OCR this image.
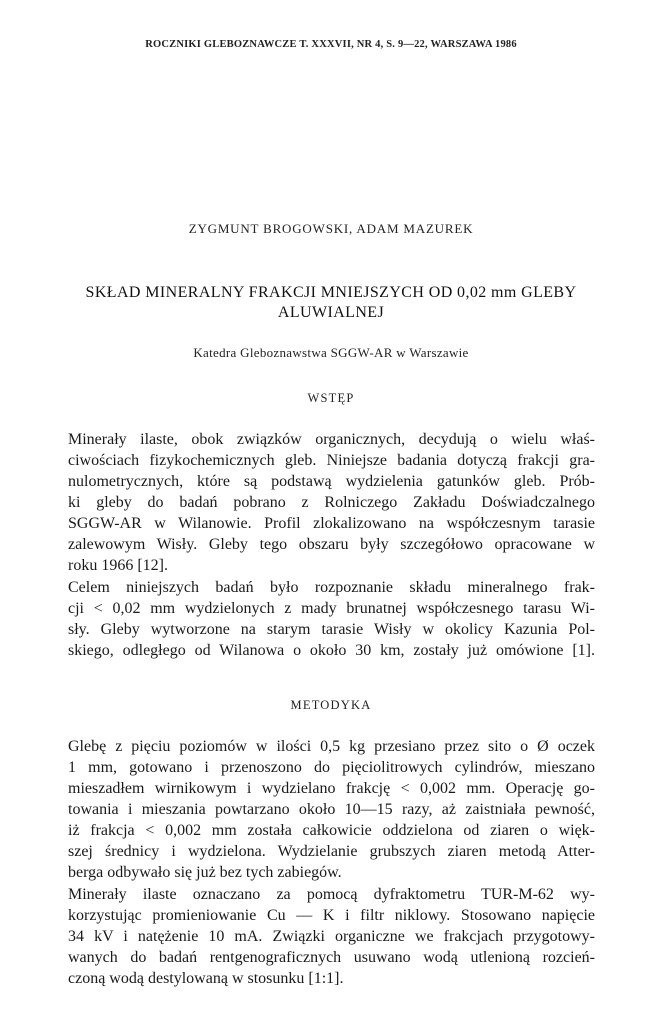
ROCZNIKI GLEBOZNAWCZE T. XXXVII, NR 4, S. 9—22, WARSZAWA 1986
ZYGMUNT BROGOWSKI, ADAM MAZUREK
SKŁAD MINERALNY FRAKCJI MNIEJSZYCH OD 0,02 mm GLEBY
ALUWIALNEJ
Katedra Gleboznawstwa SGGW-AR w Warszawie
WSTĘP
Minerały ilaste, obok związków organicznych, decydują o wielu właś-
ciwościach fizykochemicznych gleb. Niniejsze badania dotyczą frakcji gra-
nulometrycznych, które są podstawą wydzielenia gatunków gleb. Prób-
ki gleby do badań pobrano z Rolniczego Zakładu Doświadczalnego
SGGW-AR w Wilanowie. Profil zlokalizowano na współczesnym tarasie
zalewowym Wisły. Gleby tego obszaru były szczegółowo opracowane w
roku 1966 [12].
Celem niniejszych badań było rozpoznanie składu mineralnego frak-
cji < 0,02 mm wydzielonych z mady brunatnej współczesnego tarasu Wi-
sły. Gleby wytworzone na starym tarasie Wisły w okolicy Kazunia Pol-
skiego, odległego od Wilanowa o około 30 km, zostały już omówione [1].
METODYKA
Glebę z pięciu poziomów w ilości 0,5 kg przesiano przez sito o Ø oczek
1 mm, gotowano i przenoszono do pięciolitrowych cylindrów, mieszano
mieszadłem wirnikowym i wydzielano frakcję < 0,002 mm. Operację go-
towania i mieszania powtarzano około 10—15 razy, aż zaistniała pewność,
iż frakcja < 0,002 mm została całkowicie oddzielona od ziaren o więk-
szej średnicy i wydzielona. Wydzielanie grubszych ziaren metodą Atter-
berga odbywało się już bez tych zabiegów.
Minerały ilaste oznaczano za pomocą dyfraktometru TUR-M-62 wy-
korzystując promieniowanie Cu — K i filtr niklowy. Stosowano napięcie
34 kV i natężenie 10 mA. Związki organiczne we frakcjach przygotowy-
wanych do badań rentgenograficznych usuwano wodą utlenioną rozcień-
czoną wodą destylowaną w stosunku [1:1].
